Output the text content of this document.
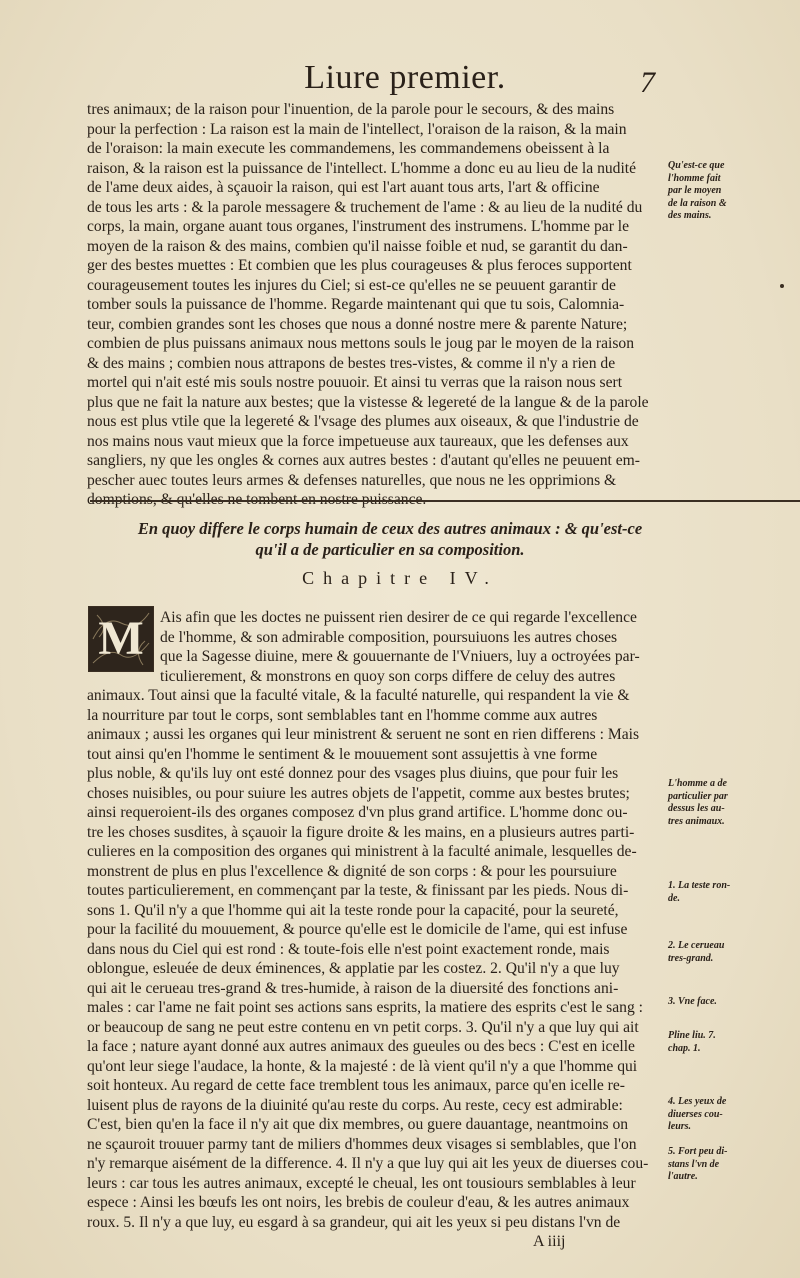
Liure premier.	7

tres animaux; de la raison pour l'inuention, de la parole pour le secours, & des mains

pour la perfection : La raison est la main de l'intellect, l'oraison de la raison, & la main

de l'oraison: la main execute les commandemens, les commandemens obeissent à la

raison, & la raison est la puissance de l'intellect. L'homme a donc eu au lieu de la nudité

de l'ame deux aides, à sçauoir la raison, qui est l'art auant tous arts, l'art & officine

de tous les arts : & la parole messagere & truchement de l'ame : & au lieu de la nudité du

corps, la main, organe auant tous organes, l'instrument des instrumens. L'homme par le

moyen de la raison & des mains, combien qu'il naisse foible et nud, se garantit du dan-

ger des bestes muettes : Et combien que les plus courageuses & plus feroces supportent

courageusement toutes les injures du Ciel; si est-ce qu'elles ne se peuuent garantir de

tomber souls la puissance de l'homme. Regarde maintenant qui que tu sois, Calomnia-

teur, combien grandes sont les choses que nous a donné nostre mere & parente Nature;

combien de plus puissans animaux nous mettons souls le joug par le moyen de la raison

& des mains ; combien nous attrapons de bestes tres-vistes, & comme il n'y a rien de

mortel qui n'ait esté mis souls nostre pouuoir. Et ainsi tu verras que la raison nous sert

plus que ne fait la nature aux bestes; que la vistesse & legereté de la langue & de la parole

nous est plus vtile que la legereté & l'vsage des plumes aux oiseaux, & que l'industrie de

nos mains nous vaut mieux que la force impetueuse aux taureaux, que les defenses aux

sangliers, ny que les ongles & cornes aux autres bestes : d'autant qu'elles ne peuuent em-

pescher auec toutes leurs armes & defenses naturelles, que nous ne les opprimions &

domptions, & qu'elles ne tombent en nostre puissance.

En quoy differe le corps humain de ceux des autres animaux : & qu'est-ce
qu'il a de particulier en sa composition.
Chapitre IV.
M	Ais afin que les doctes ne puissent rien desirer de ce qui regarde l'excellence

de l'homme, & son admirable composition, poursuiuons les autres choses

que la Sagesse diuine, mere & gouuernante de l'Vniuers, luy a octroyées par-

ticulierement, & monstrons en quoy son corps differe de celuy des autres

animaux. Tout ainsi que la faculté vitale, & la faculté naturelle, qui respandent la vie &

la nourriture par tout le corps, sont semblables tant en l'homme comme aux autres

animaux ; aussi les organes qui leur ministrent & seruent ne sont en rien differens : Mais

tout ainsi qu'en l'homme le sentiment & le mouuement sont assujettis à vne forme

plus noble, & qu'ils luy ont esté donnez pour des vsages plus diuins, que pour fuir les

choses nuisibles, ou pour suiure les autres objets de l'appetit, comme aux bestes brutes;

ainsi requeroient-ils des organes composez d'vn plus grand artifice. L'homme donc ou-

tre les choses susdites, à sçauoir la figure droite & les mains, en a plusieurs autres parti-

culieres en la composition des organes qui ministrent à la faculté animale, lesquelles de-

monstrent de plus en plus l'excellence & dignité de son corps : & pour les poursuiure

toutes particulierement, en commençant par la teste, & finissant par les pieds. Nous di-

sons 1. Qu'il n'y a que l'homme qui ait la teste ronde pour la capacité, pour la seureté,

pour la facilité du mouuement, & pource qu'elle est le domicile de l'ame, qui est infuse

dans nous du Ciel qui est rond : & toute-fois elle n'est point exactement ronde, mais

oblongue, esleuée de deux éminences, & applatie par les costez. 2. Qu'il n'y a que luy

qui ait le cerueau tres-grand & tres-humide, à raison de la diuersité des fonctions ani-

males : car l'ame ne fait point ses actions sans esprits, la matiere des esprits c'est le sang :

or beaucoup de sang ne peut estre contenu en vn petit corps. 3. Qu'il n'y a que luy qui ait

la face ; nature ayant donné aux autres animaux des gueules ou des becs : C'est en icelle

qu'ont leur siege l'audace, la honte, & la majesté : de là vient qu'il n'y a que l'homme qui

soit honteux. Au regard de cette face tremblent tous les animaux, parce qu'en icelle re-

luisent plus de rayons de la diuinité qu'au reste du corps. Au reste, cecy est admirable:

C'est, bien qu'en la face il n'y ait que dix membres, ou guere dauantage, neantmoins on

ne sçauroit trouuer parmy tant de miliers d'hommes deux visages si semblables, que l'on

n'y remarque aisément de la difference. 4. Il n'y a que luy qui ait les yeux de diuerses cou-

leurs : car tous les autres animaux, excepté le cheual, les ont tousiours semblables à leur

espece : Ainsi les bœufs les ont noirs, les brebis de couleur d'eau, & les autres animaux

roux. 5. Il n'y a que luy, eu esgard à sa grandeur, qui ait les yeux si peu distans l'vn de

Qu'est-ce que

l'homme fait

par le moyen

de la raison &

des mains.

L'homme a de

particulier par

dessus les au-

tres animaux.

1. La teste ron-

de.

2. Le cerueau

tres-grand.

3. Vne face.

Pline liu. 7.

chap. 1.

4. Les yeux de

diuerses cou-

leurs.

5. Fort peu di-

stans l'vn de

l'autre.

A iiij
